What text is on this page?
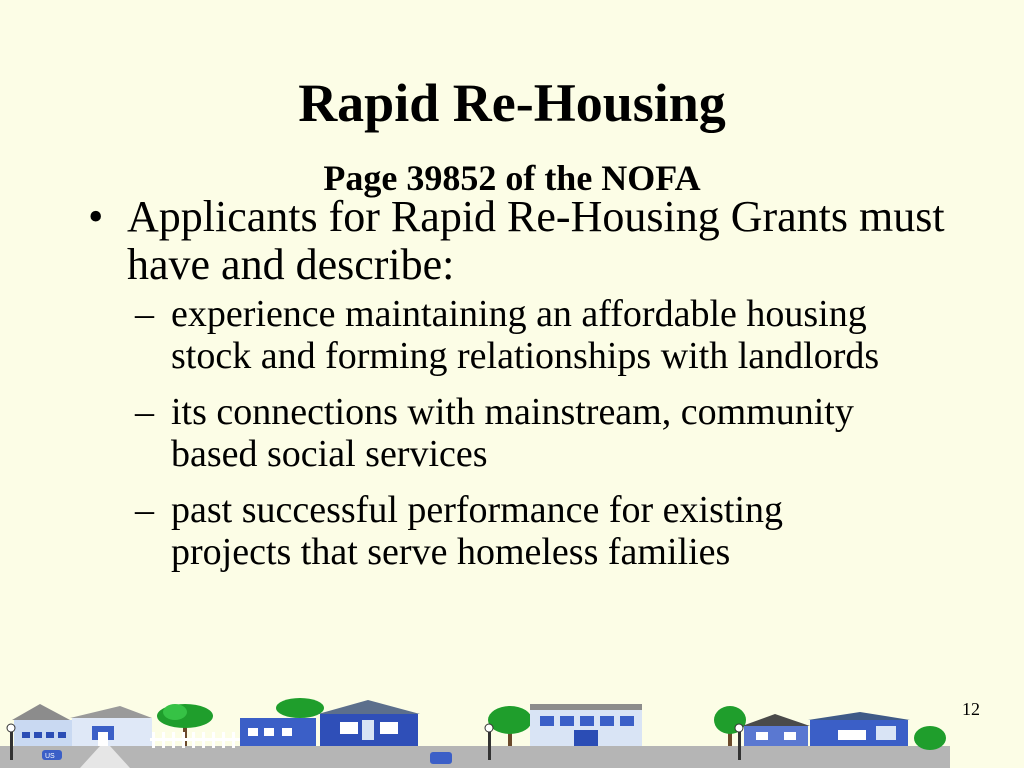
Rapid Re-Housing
Page 39852 of the NOFA
• Applicants for Rapid Re-Housing Grants must have and describe:
– experience maintaining an affordable housing stock and forming relationships with landlords
– its connections with mainstream, community based social services
– past successful performance for existing projects that serve homeless families
12
US
